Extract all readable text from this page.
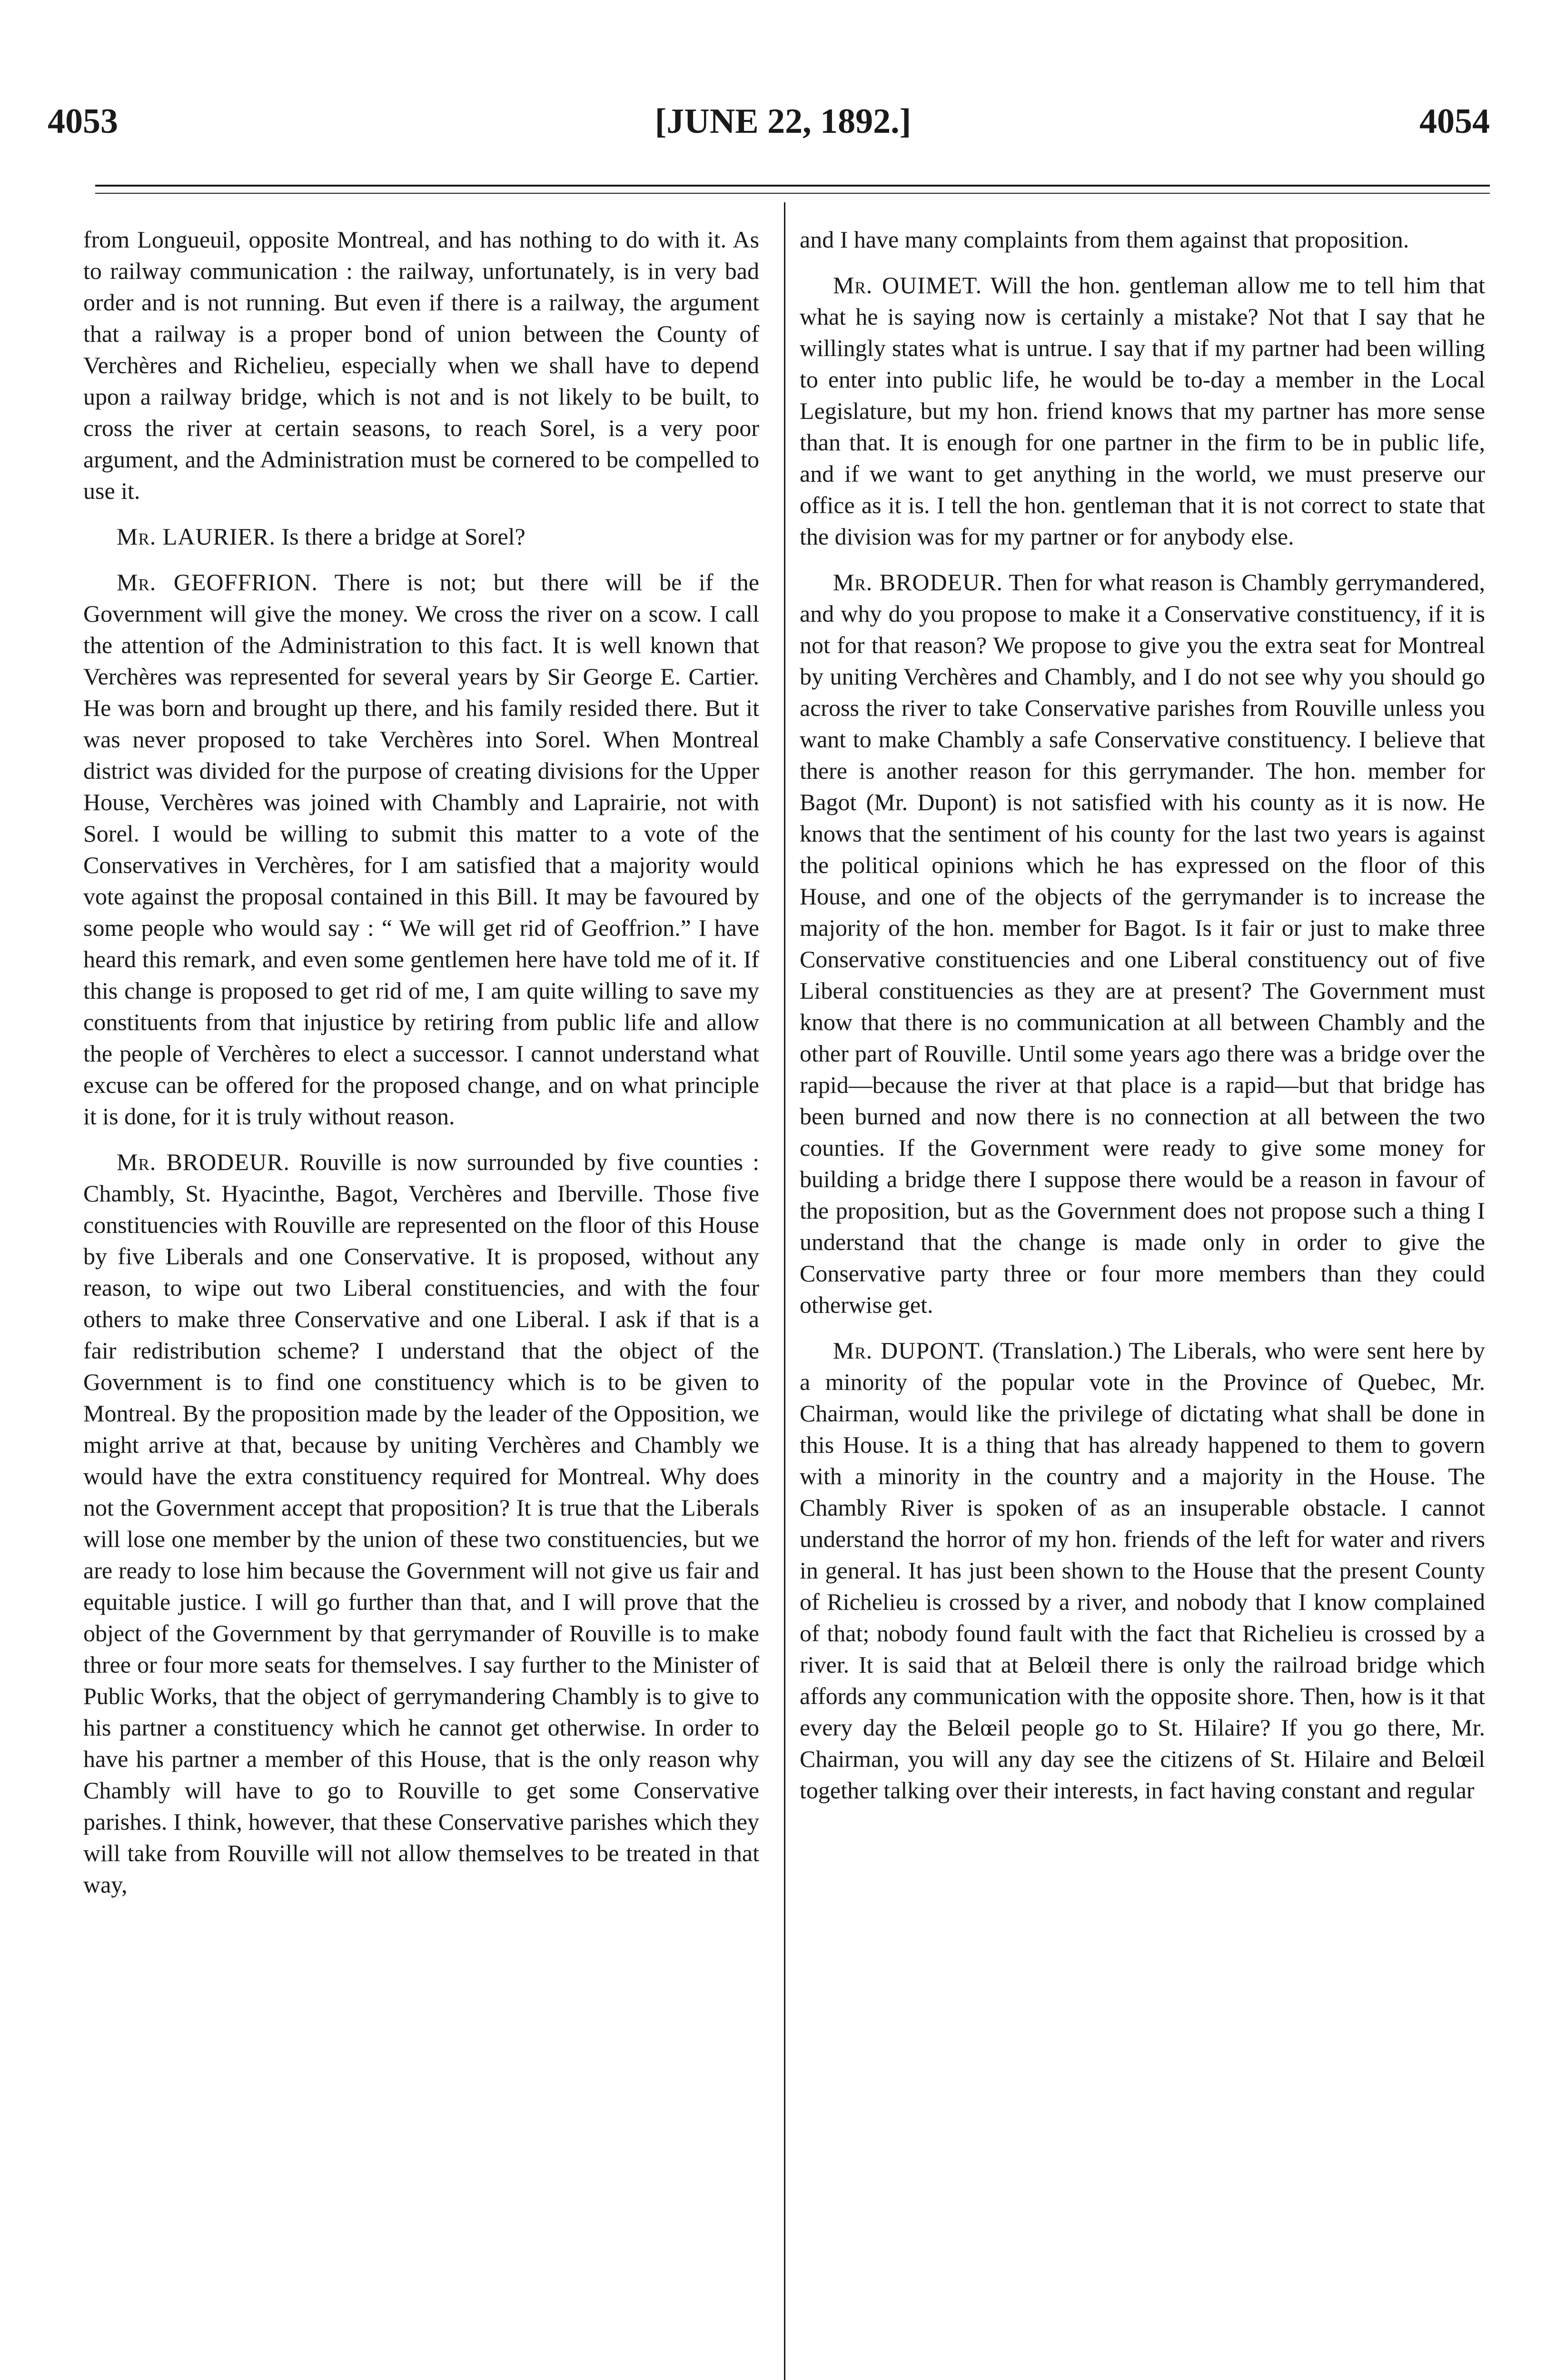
4053	[JUNE 22, 1892.]	4054

from Longueuil, opposite Montreal, and has nothing to do with it. As to railway communication : the railway, unfortunately, is in very bad order and is not running. But even if there is a railway, the argument that a railway is a proper bond of union between the County of Verchères and Richelieu, especially when we shall have to depend upon a railway bridge, which is not and is not likely to be built, to cross the river at certain seasons, to reach Sorel, is a very poor argument, and the Administration must be cornered to be compelled to use it.

Mr. LAURIER. Is there a bridge at Sorel?

Mr. GEOFFRION. There is not; but there will be if the Government will give the money. We cross the river on a scow. I call the attention of the Administration to this fact. It is well known that Verchères was represented for several years by Sir George E. Cartier. He was born and brought up there, and his family resided there. But it was never proposed to take Verchères into Sorel. When Montreal district was divided for the purpose of creating divisions for the Upper House, Verchères was joined with Chambly and Laprairie, not with Sorel. I would be willing to submit this matter to a vote of the Conservatives in Verchères, for I am satisfied that a majority would vote against the proposal contained in this Bill. It may be favoured by some people who would say : “ We will get rid of Geoffrion.” I have heard this remark, and even some gentlemen here have told me of it. If this change is proposed to get rid of me, I am quite willing to save my constituents from that injustice by retiring from public life and allow the people of Verchères to elect a successor. I cannot understand what excuse can be offered for the proposed change, and on what principle it is done, for it is truly without reason.

Mr. BRODEUR. Rouville is now surrounded by five counties : Chambly, St. Hyacinthe, Bagot, Verchères and Iberville. Those five constituencies with Rouville are represented on the floor of this House by five Liberals and one Conservative. It is proposed, without any reason, to wipe out two Liberal constituencies, and with the four others to make three Conservative and one Liberal. I ask if that is a fair redistribution scheme? I understand that the object of the Government is to find one constituency which is to be given to Montreal. By the proposition made by the leader of the Opposition, we might arrive at that, because by uniting Verchères and Chambly we would have the extra constituency required for Montreal. Why does not the Government accept that proposition? It is true that the Liberals will lose one member by the union of these two constituencies, but we are ready to lose him because the Government will not give us fair and equitable justice. I will go further than that, and I will prove that the object of the Government by that gerrymander of Rouville is to make three or four more seats for themselves. I say further to the Minister of Public Works, that the object of gerrymandering Chambly is to give to his partner a constituency which he cannot get otherwise. In order to have his partner a member of this House, that is the only reason why Chambly will have to go to Rouville to get some Conservative parishes. I think, however, that these Conservative parishes which they will take from Rouville will not allow themselves to be treated in that way,

and I have many complaints from them against that proposition.

Mr. OUIMET. Will the hon. gentleman allow me to tell him that what he is saying now is certainly a mistake? Not that I say that he willingly states what is untrue. I say that if my partner had been willing to enter into public life, he would be to-day a member in the Local Legislature, but my hon. friend knows that my partner has more sense than that. It is enough for one partner in the firm to be in public life, and if we want to get anything in the world, we must preserve our office as it is. I tell the hon. gentleman that it is not correct to state that the division was for my partner or for anybody else.

Mr. BRODEUR. Then for what reason is Chambly gerrymandered, and why do you propose to make it a Conservative constituency, if it is not for that reason? We propose to give you the extra seat for Montreal by uniting Verchères and Chambly, and I do not see why you should go across the river to take Conservative parishes from Rouville unless you want to make Chambly a safe Conservative constituency. I believe that there is another reason for this gerrymander. The hon. member for Bagot (Mr. Dupont) is not satisfied with his county as it is now. He knows that the sentiment of his county for the last two years is against the political opinions which he has expressed on the floor of this House, and one of the objects of the gerrymander is to increase the majority of the hon. member for Bagot. Is it fair or just to make three Conservative constituencies and one Liberal constituency out of five Liberal constituencies as they are at present? The Government must know that there is no communication at all between Chambly and the other part of Rouville. Until some years ago there was a bridge over the rapid—because the river at that place is a rapid—but that bridge has been burned and now there is no connection at all between the two counties. If the Government were ready to give some money for building a bridge there I suppose there would be a reason in favour of the proposition, but as the Government does not propose such a thing I understand that the change is made only in order to give the Conservative party three or four more members than they could otherwise get.

Mr. DUPONT. (Translation.) The Liberals, who were sent here by a minority of the popular vote in the Province of Quebec, Mr. Chairman, would like the privilege of dictating what shall be done in this House. It is a thing that has already happened to them to govern with a minority in the country and a majority in the House. The Chambly River is spoken of as an insuperable obstacle. I cannot understand the horror of my hon. friends of the left for water and rivers in general. It has just been shown to the House that the present County of Richelieu is crossed by a river, and nobody that I know complained of that; nobody found fault with the fact that Richelieu is crossed by a river. It is said that at Belœil there is only the railroad bridge which affords any communication with the opposite shore. Then, how is it that every day the Belœil people go to St. Hilaire? If you go there, Mr. Chairman, you will any day see the citizens of St. Hilaire and Belœil together talking over their interests, in fact having constant and regular
